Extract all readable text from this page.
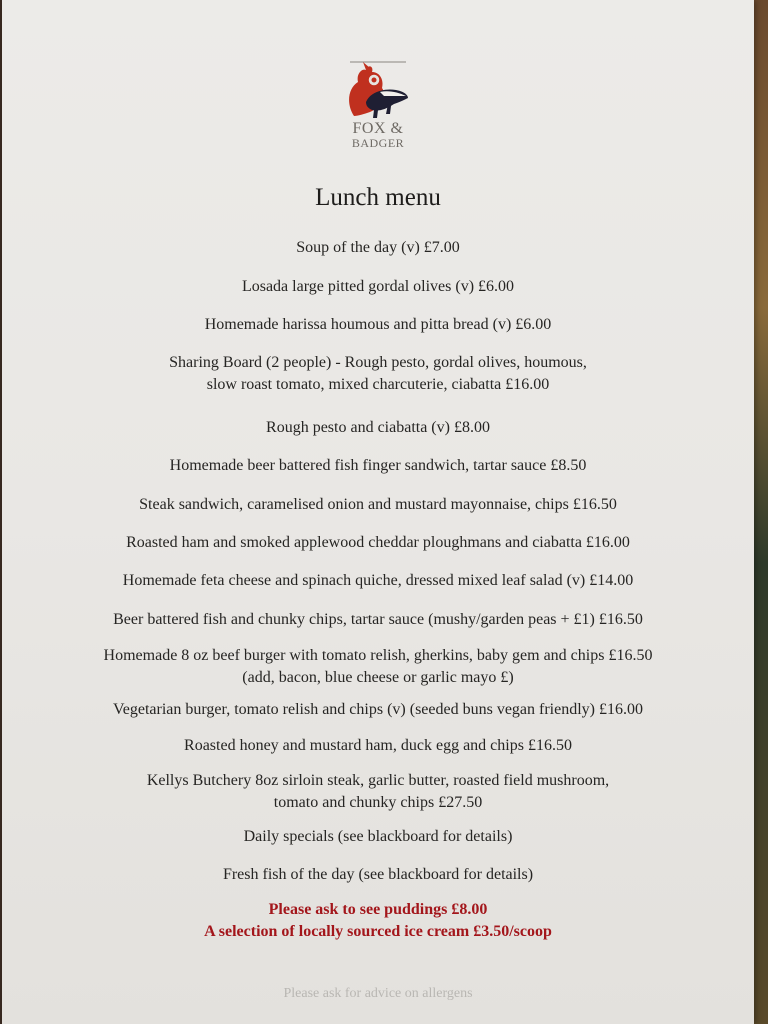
FOX &
BADGER
Lunch menu
Soup of the day (v) £7.00
Losada large pitted gordal olives (v) £6.00
Homemade harissa houmous and pitta bread (v) £6.00
Sharing Board (2 people) - Rough pesto, gordal olives, houmous,
slow roast tomato, mixed charcuterie, ciabatta £16.00
Rough pesto and ciabatta (v) £8.00
Homemade beer battered fish finger sandwich, tartar sauce £8.50
Steak sandwich, caramelised onion and mustard mayonnaise, chips £16.50
Roasted ham and smoked applewood cheddar ploughmans and ciabatta £16.00
Homemade feta cheese and spinach quiche, dressed mixed leaf salad (v) £14.00
Beer battered fish and chunky chips, tartar sauce (mushy/garden peas + £1) £16.50
Homemade 8 oz beef burger with tomato relish, gherkins, baby gem and chips £16.50
(add, bacon, blue cheese or garlic mayo £)
Vegetarian burger, tomato relish and chips (v) (seeded buns vegan friendly) £16.00
Roasted honey and mustard ham, duck egg and chips £16.50
Kellys Butchery 8oz sirloin steak, garlic butter, roasted field mushroom,
tomato and chunky chips £27.50
Daily specials (see blackboard for details)
Fresh fish of the day (see blackboard for details)
Please ask to see puddings £8.00
A selection of locally sourced ice cream £3.50/scoop
Please ask for advice on allergens
